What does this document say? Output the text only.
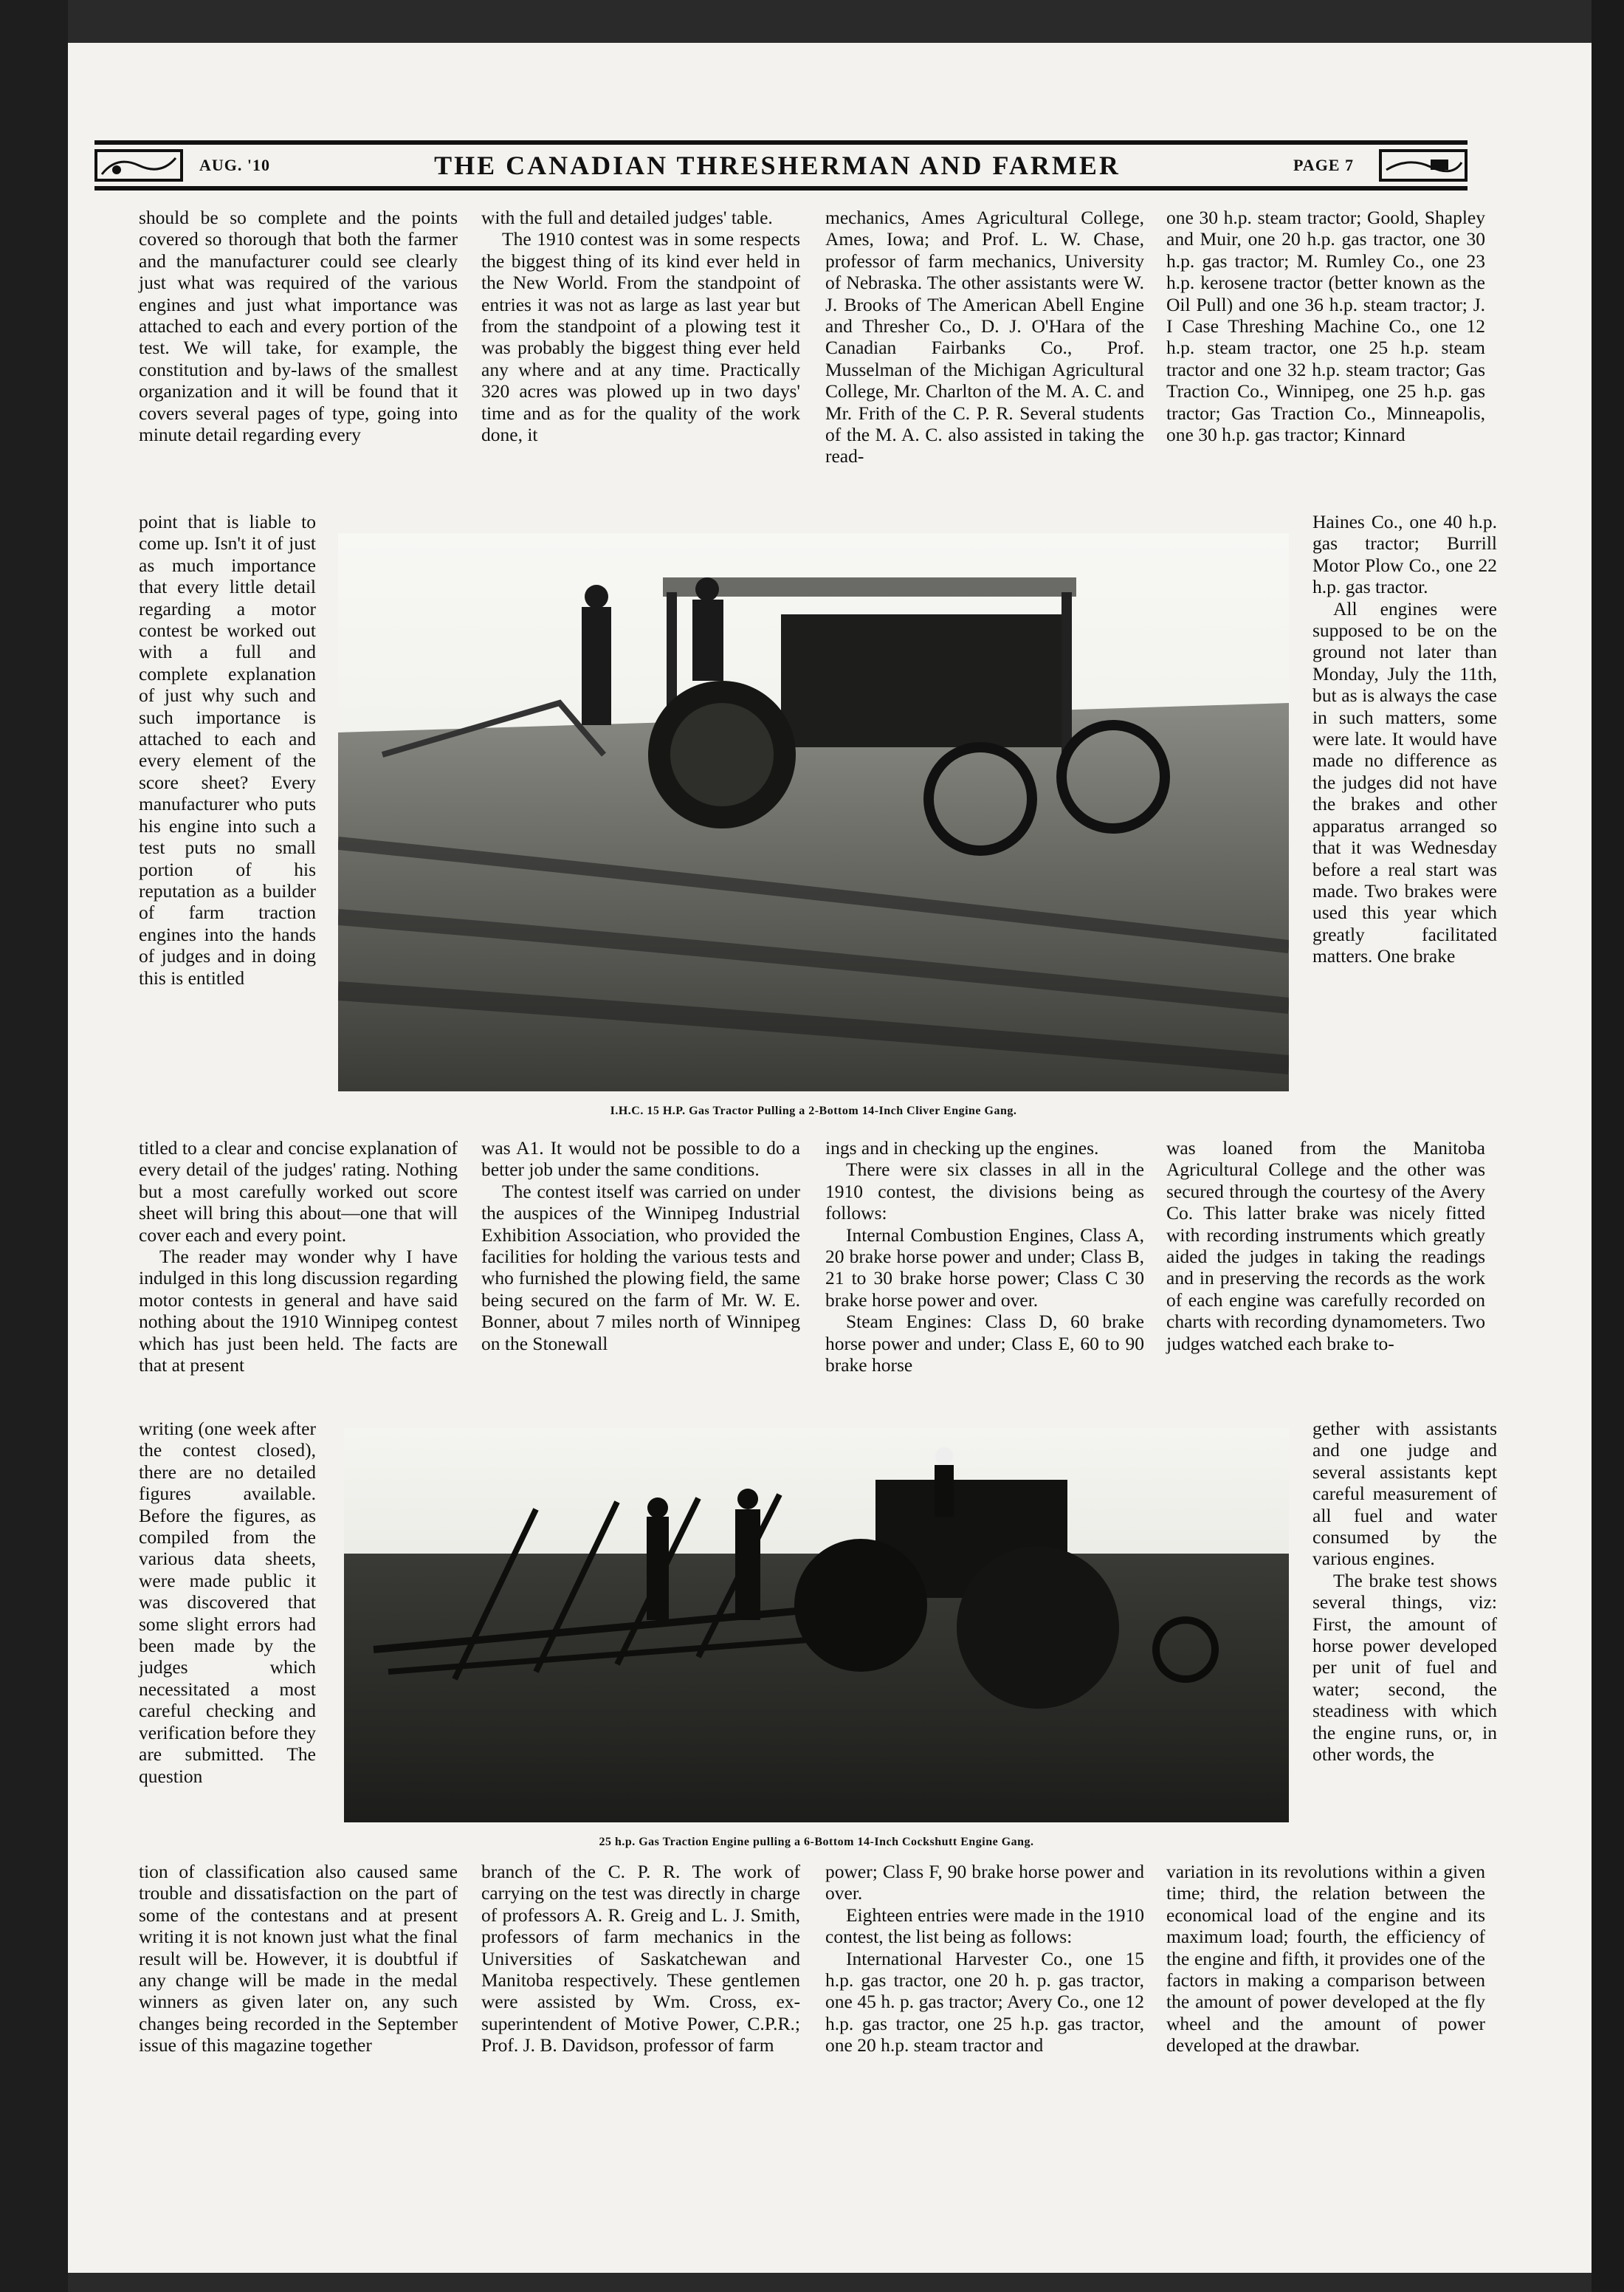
AUG. '10	THE CANADIAN THRESHERMAN AND FARMER	PAGE 7

should be so complete and the points covered so thorough that both the farmer and the manufacturer could see clearly just what was required of the various engines and just what importance was attached to each and every portion of the test. We will take, for example, the constitution and by-laws of the smallest organization and it will be found that it covers several pages of type, going into minute detail regarding every

point that is liable to come up. Isn't it of just as much importance that every little detail regarding a motor contest be worked out with a full and complete explanation of just why such and such importance is attached to each and every element of the score sheet? Every manufacturer who puts his engine into such a test puts no small portion of his reputation as a builder of farm traction engines into the hands of judges and in doing this is entitled

titled to a clear and concise explanation of every detail of the judges' rating. Nothing but a most carefully worked out score sheet will bring this about—one that will cover each and every point.

The reader may wonder why I have indulged in this long discussion regarding motor contests in general and have said nothing about the 1910 Winnipeg contest which has just been held. The facts are that at present

writing (one week after the contest closed), there are no detailed figures available. Before the figures, as compiled from the various data sheets, were made public it was discovered that some slight errors had been made by the judges which necessitated a most careful checking and verification before they are submitted. The question

tion of classification also caused same trouble and dissatisfaction on the part of some of the contestans and at present writing it is not known just what the final result will be. However, it is doubtful if any change will be made in the medal winners as given later on, any such changes being recorded in the September issue of this magazine together

with the full and detailed judges' table.

The 1910 contest was in some respects the biggest thing of its kind ever held in the New World. From the standpoint of entries it was not as large as last year but from the standpoint of a plowing test it was probably the biggest thing ever held any where and at any time. Practically 320 acres was plowed up in two days' time and as for the quality of the work done, it

was A1. It would not be possible to do a better job under the same conditions.

The contest itself was carried on under the auspices of the Winnipeg Industrial Exhibition Association, who provided the facilities for holding the various tests and who furnished the plowing field, the same being secured on the farm of Mr. W. E. Bonner, about 7 miles north of Winnipeg on the Stonewall

branch of the C. P. R. The work of carrying on the test was directly in charge of professors A. R. Greig and L. J. Smith, professors of farm mechanics in the Universities of Saskatchewan and Manitoba respectively. These gentlemen were assisted by Wm. Cross, ex-superintendent of Motive Power, C.P.R.; Prof. J. B. Davidson, professor of farm

mechanics, Ames Agricultural College, Ames, Iowa; and Prof. L. W. Chase, professor of farm mechanics, University of Nebraska. The other assistants were W. J. Brooks of The American Abell Engine and Thresher Co., D. J. O'Hara of the Canadian Fairbanks Co., Prof. Musselman of the Michigan Agricultural College, Mr. Charlton of the M. A. C. and Mr. Frith of the C. P. R. Several students of the M. A. C. also assisted in taking the read-

ings and in checking up the engines.

There were six classes in all in the 1910 contest, the divisions being as follows:

Internal Combustion Engines, Class A, 20 brake horse power and under; Class B, 21 to 30 brake horse power; Class C 30 brake horse power and over.

Steam Engines: Class D, 60 brake horse power and under; Class E, 60 to 90 brake horse

power; Class F, 90 brake horse power and over.

Eighteen entries were made in the 1910 contest, the list being as follows:

International Harvester Co., one 15 h.p. gas tractor, one 20 h. p. gas tractor, one 45 h. p. gas tractor; Avery Co., one 12 h.p. gas tractor, one 25 h.p. gas tractor, one 20 h.p. steam tractor and

one 30 h.p. steam tractor; Goold, Shapley and Muir, one 20 h.p. gas tractor, one 30 h.p. gas tractor; M. Rumley Co., one 23 h.p. kerosene tractor (better known as the Oil Pull) and one 36 h.p. steam tractor; J. I Case Threshing Machine Co., one 12 h.p. steam tractor, one 25 h.p. steam tractor and one 32 h.p. steam tractor; Gas Traction Co., Winnipeg, one 25 h.p. gas tractor; Gas Traction Co., Minneapolis, one 30 h.p. gas tractor; Kinnard

Haines Co., one 40 h.p. gas tractor; Burrill Motor Plow Co., one 22 h.p. gas tractor.

All engines were supposed to be on the ground not later than Monday, July the 11th, but as is always the case in such matters, some were late. It would have made no difference as the judges did not have the brakes and other apparatus arranged so that it was Wednesday before a real start was made. Two brakes were used this year which greatly facilitated matters. One brake

was loaned from the Manitoba Agricultural College and the other was secured through the courtesy of the Avery Co. This latter brake was nicely fitted with recording instruments which greatly aided the judges in taking the readings and in preserving the records as the work of each engine was carefully recorded on charts with recording dynamometers. Two judges watched each brake to-

gether with assistants and one judge and several assistants kept careful measurement of all fuel and water consumed by the various engines.

The brake test shows several things, viz: First, the amount of horse power developed per unit of fuel and water; second, the steadiness with which the engine runs, or, in other words, the

variation in its revolutions within a given time; third, the relation between the economical load of the engine and its maximum load; fourth, the efficiency of the engine and fifth, it provides one of the factors in making a comparison between the amount of power developed at the fly wheel and the amount of power developed at the drawbar.

I.H.C. 15 H.P. Gas Tractor Pulling a 2-Bottom 14-Inch Cliver Engine Gang.
25 h.p. Gas Traction Engine pulling a 6-Bottom 14-Inch Cockshutt Engine Gang.
